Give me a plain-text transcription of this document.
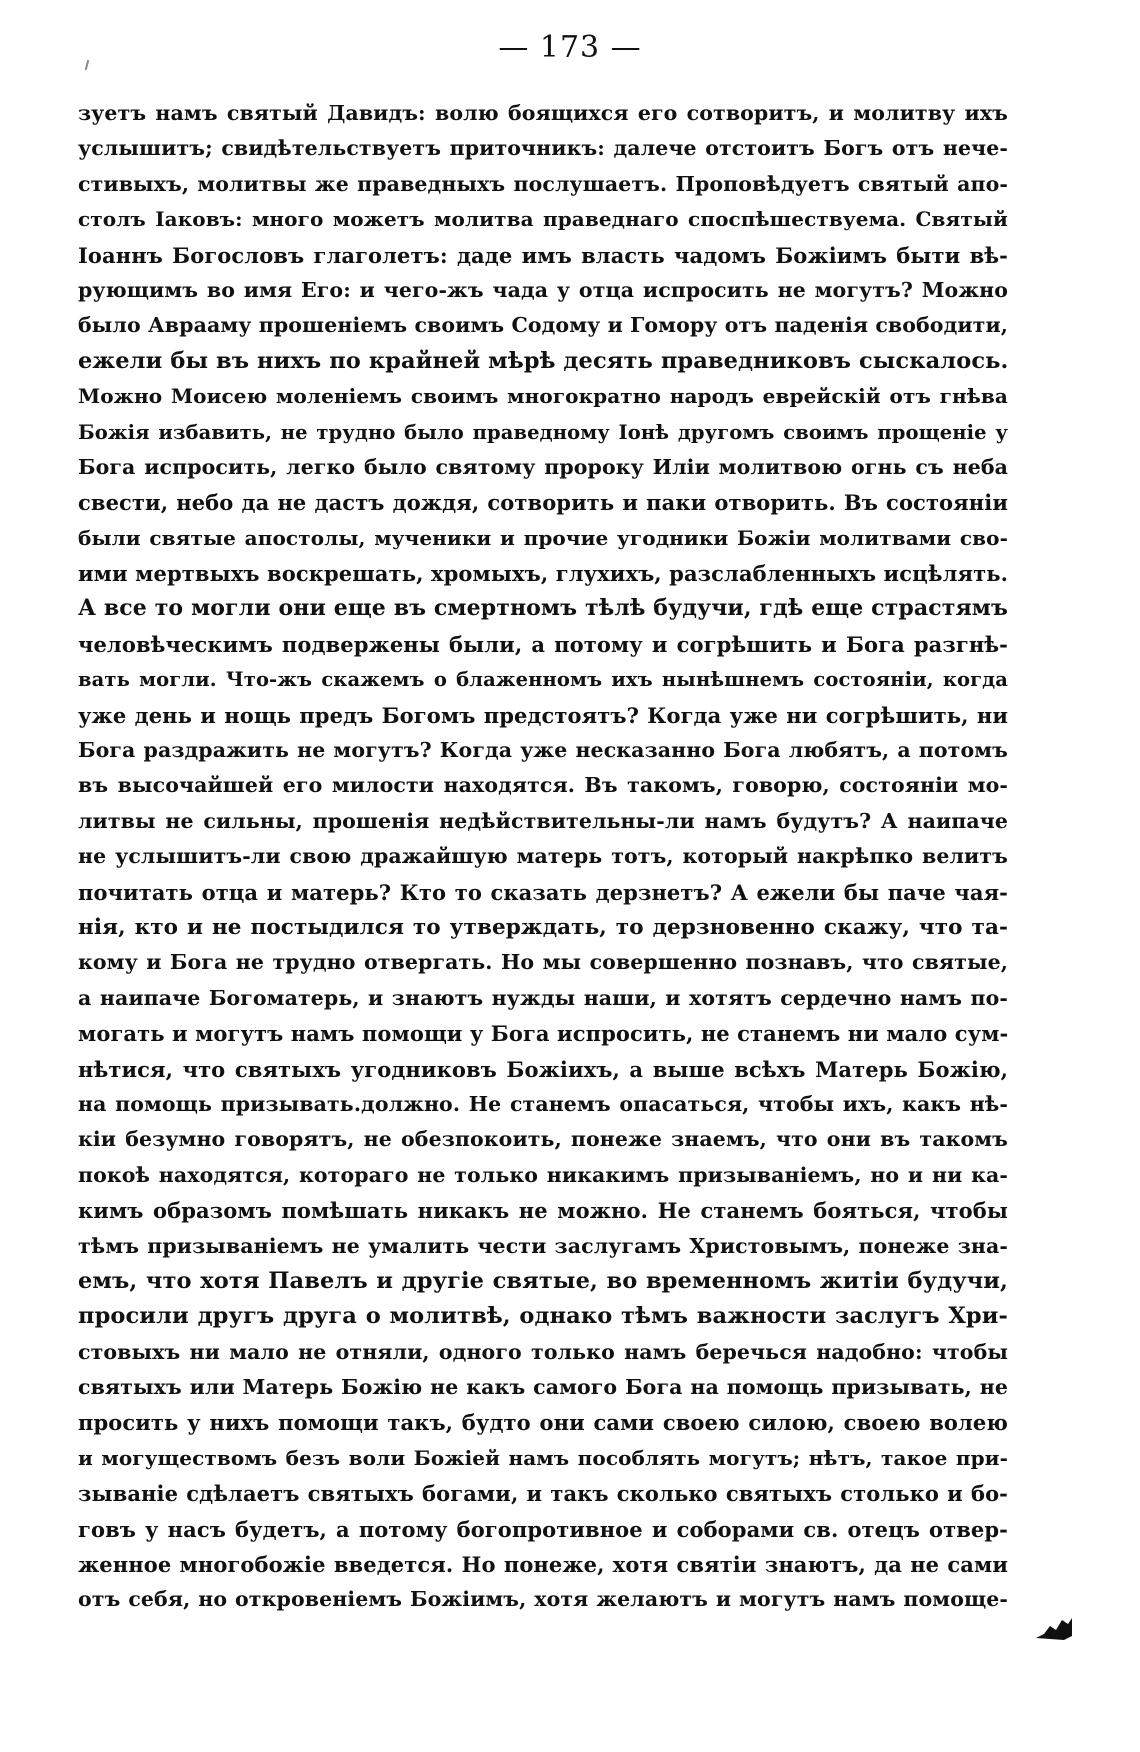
— 173 —
зуетъ намъ святый Давидъ: волю боящихся его сотворитъ, и молитву ихъ
услышитъ; свидѣтельствуетъ приточникъ: далече отстоитъ Богъ отъ нече-
стивыхъ, молитвы же праведныхъ послушаетъ. Проповѣдуетъ святый апо-
столъ Іаковъ: много можетъ молитва праведнаго споспѣшествуема. Святый
Іоаннъ Богословъ глаголетъ: даде имъ власть чадомъ Божіимъ быти вѣ-
рующимъ во имя Его: и чего-жъ чада у отца испросить не могутъ? Можно
было Аврааму прошеніемъ своимъ Содому и Гомору отъ паденія свободити,
ежели бы въ нихъ по крайней мѣрѣ десять праведниковъ сыскалось.
Можно Моисею моленіемъ своимъ многократно народъ еврейскій отъ гнѣва
Божія избавить, не трудно было праведному Іонѣ другомъ своимъ прощеніе у
Бога испросить, легко было святому пророку Иліи молитвою огнь съ неба
свести, небо да не дастъ дождя, сотворить и паки отворить. Въ состояніи
были святые апостолы, мученики и прочие угодники Божіи молитвами сво-
ими мертвыхъ воскрешать, хромыхъ, глухихъ, разслабленныхъ исцѣлять.
А все то могли они еще въ смертномъ тѣлѣ будучи, гдѣ еще страстямъ
человѣческимъ подвержены были, а потому и согрѣшить и Бога разгнѣ-
вать могли. Что-жъ скажемъ о блаженномъ ихъ нынѣшнемъ состояніи, когда
уже день и нощь предъ Богомъ предстоятъ? Когда уже ни согрѣшить, ни
Бога раздражить не могутъ? Когда уже несказанно Бога любятъ, а потомъ
въ высочайшей его милости находятся. Въ такомъ, говорю, состояніи мо-
литвы не сильны, прошенія недѣйствительны-ли намъ будутъ? А наипаче
не услышитъ-ли свою дражайшую матерь тотъ, который накрѣпко велитъ
почитать отца и матерь? Кто то сказать дерзнетъ? А ежели бы паче чая-
нія, кто и не постыдился то утверждать, то дерзновенно скажу, что та-
кому и Бога не трудно отвергать. Но мы совершенно познавъ, что святые,
а наипаче Богоматерь, и знаютъ нужды наши, и хотятъ сердечно намъ по-
могать и могутъ намъ помощи у Бога испросить, не станемъ ни мало сум-
нѣтися, что святыхъ угодниковъ Божіихъ, а выше всѣхъ Матерь Божію,
на помощь призывать.должно. Не станемъ опасаться, чтобы ихъ, какъ нѣ-
кіи безумно говорятъ, не обезпокоить, понеже знаемъ, что они въ такомъ
покоѣ находятся, котораго не только никакимъ призываніемъ, но и ни ка-
кимъ образомъ помѣшать никакъ не можно. Не станемъ бояться, чтобы
тѣмъ призываніемъ не умалить чести заслугамъ Христовымъ, понеже зна-
емъ, что хотя Павелъ и другіе святые, во временномъ житіи будучи,
просили другъ друга о молитвѣ, однако тѣмъ важности заслугъ Хри-
стовыхъ ни мало не отняли, одного только намъ беречься надобно: чтобы
святыхъ или Матерь Божію не какъ самого Бога на помощь призывать, не
просить у нихъ помощи такъ, будто они сами своею силою, своею волею
и могуществомъ безъ воли Божіей намъ пособлять могутъ; нѣтъ, такое при-
зываніе сдѣлаетъ святыхъ богами, и такъ сколько святыхъ столько и бо-
говъ у насъ будетъ, а потому богопротивное и соборами св. отецъ отвер-
женное многобожіе введется. Но понеже, хотя святіи знаютъ, да не сами
отъ себя, но откровеніемъ Божіимъ, хотя желаютъ и могутъ намъ помоще-
